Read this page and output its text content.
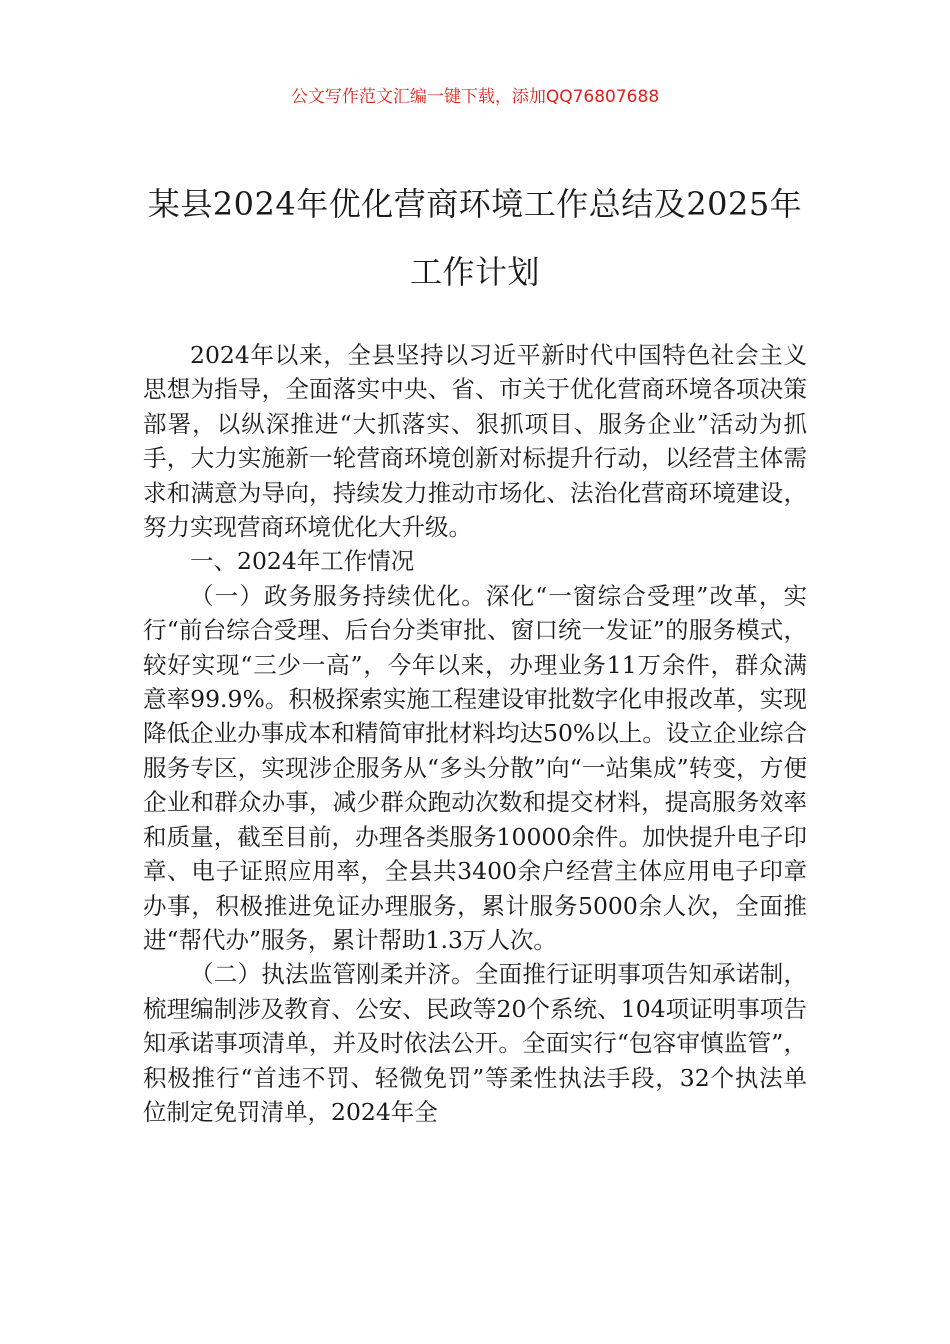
公文写作范文汇编一键下载，添加QQ76807688
某县2024年优化营商环境工作总结及2025年工作计划

2024年以来，全县坚持以习近平新时代中国特色社会主义思想为指导，全面落实中央、省、市关于优化营商环境各项决策部署，以纵深推进“大抓落实、狠抓项目、服务企业”活动为抓手，大力实施新一轮营商环境创新对标提升行动，以经营主体需求和满意为导向，持续发力推动市场化、法治化营商环境建设，努力实现营商环境优化大升级。

一、2024年工作情况

（一）政务服务持续优化。深化“一窗综合受理”改革，实行“前台综合受理、后台分类审批、窗口统一发证”的服务模式，较好实现“三少一高”，今年以来，办理业务11万余件，群众满意率99.9%。积极探索实施工程建设审批数字化申报改革，实现降低企业办事成本和精简审批材料均达50%以上。设立企业综合服务专区，实现涉企服务从“多头分散”向“一站集成”转变，方便企业和群众办事，减少群众跑动次数和提交材料，提高服务效率和质量，截至目前，办理各类服务10000余件。加快提升电子印章、电子证照应用率，全县共3400余户经营主体应用电子印章办事，积极推进免证办理服务，累计服务5000余人次，全面推进“帮代办”服务，累计帮助1.3万人次。

（二）执法监管刚柔并济。全面推行证明事项告知承诺制，梳理编制涉及教育、公安、民政等20个系统、104项证明事项告知承诺事项清单，并及时依法公开。全面实行“包容审慎监管”，积极推行“首违不罚、轻微免罚”等柔性执法手段，32个执法单位制定免罚清单，2024年全
